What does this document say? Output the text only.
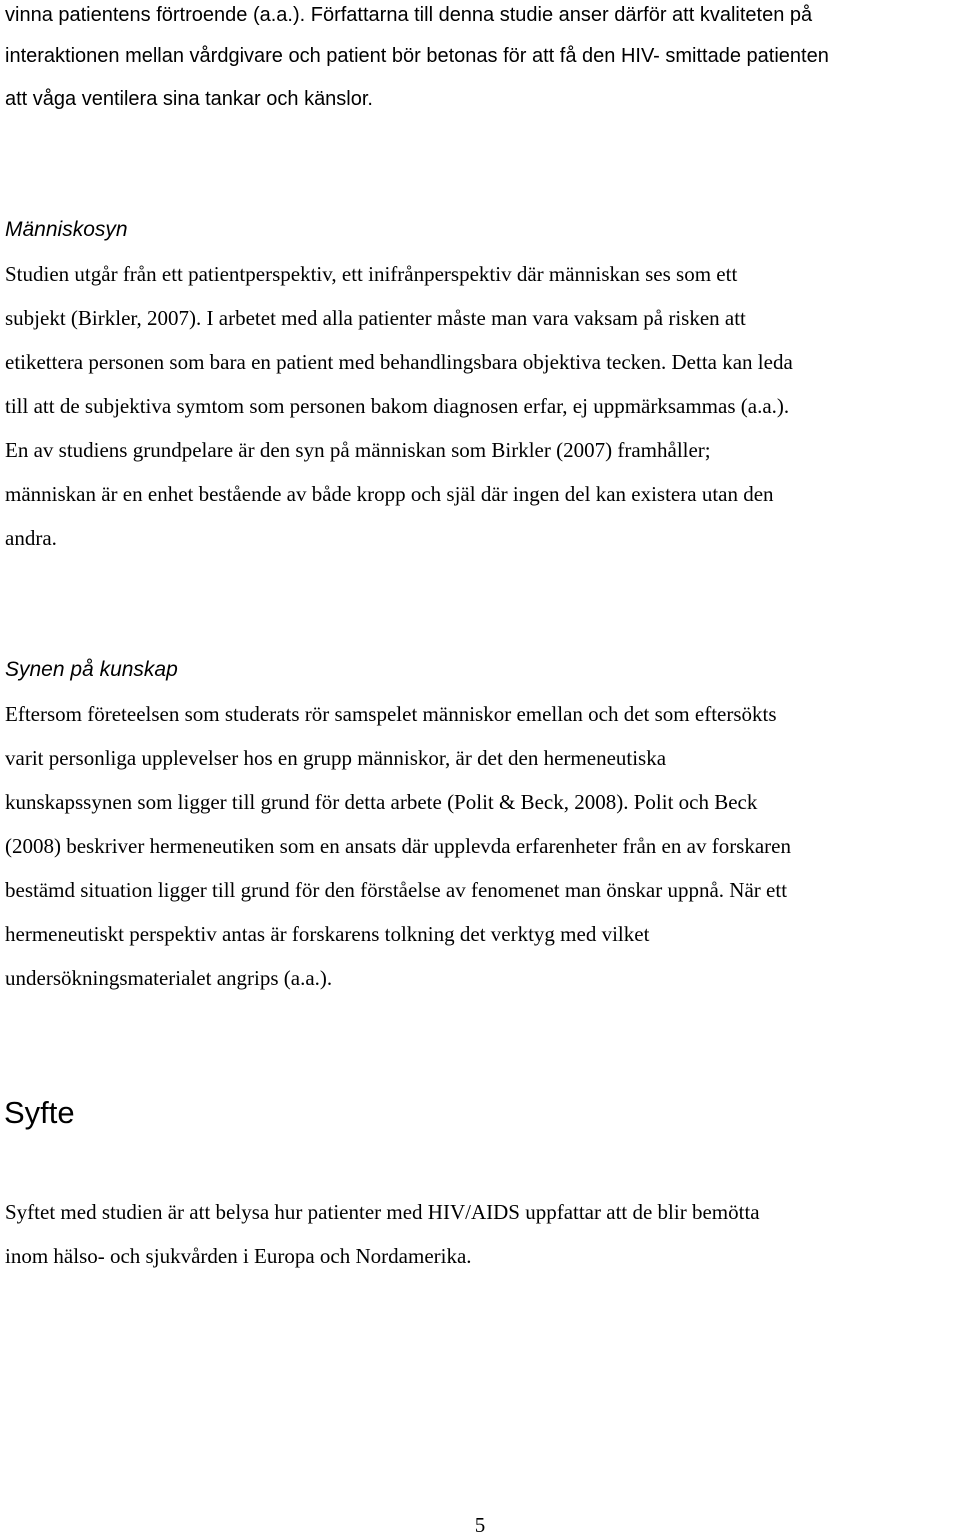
vinna patientens förtroende (a.a.). Författarna till denna studie anser därför att kvaliteten på
interaktionen mellan vårdgivare och patient bör betonas för att få den HIV- smittade patienten
att våga ventilera sina tankar och känslor.
Människosyn
Studien utgår från ett patientperspektiv, ett inifrånperspektiv där människan ses som ett
subjekt (Birkler, 2007). I arbetet med alla patienter måste man vara vaksam på risken att
etikettera personen som bara en patient med behandlingsbara objektiva tecken. Detta kan leda
till att de subjektiva symtom som personen bakom diagnosen erfar, ej uppmärksammas (a.a.).
En av studiens grundpelare är den syn på människan som Birkler (2007) framhåller;
människan är en enhet bestående av både kropp och själ där ingen del kan existera utan den
andra.
Synen på kunskap
Eftersom företeelsen som studerats rör samspelet människor emellan och det som eftersökts
varit personliga upplevelser hos en grupp människor, är det den hermeneutiska
kunskapssynen som ligger till grund för detta arbete (Polit & Beck, 2008). Polit och Beck
(2008) beskriver hermeneutiken som en ansats där upplevda erfarenheter från en av forskaren
bestämd situation ligger till grund för den förståelse av fenomenet man önskar uppnå. När ett
hermeneutiskt perspektiv antas är forskarens tolkning det verktyg med vilket
undersökningsmaterialet angrips (a.a.).
Syfte
Syftet med studien är att belysa hur patienter med HIV/AIDS uppfattar att de blir bemötta
inom hälso- och sjukvården i Europa och Nordamerika.
5
